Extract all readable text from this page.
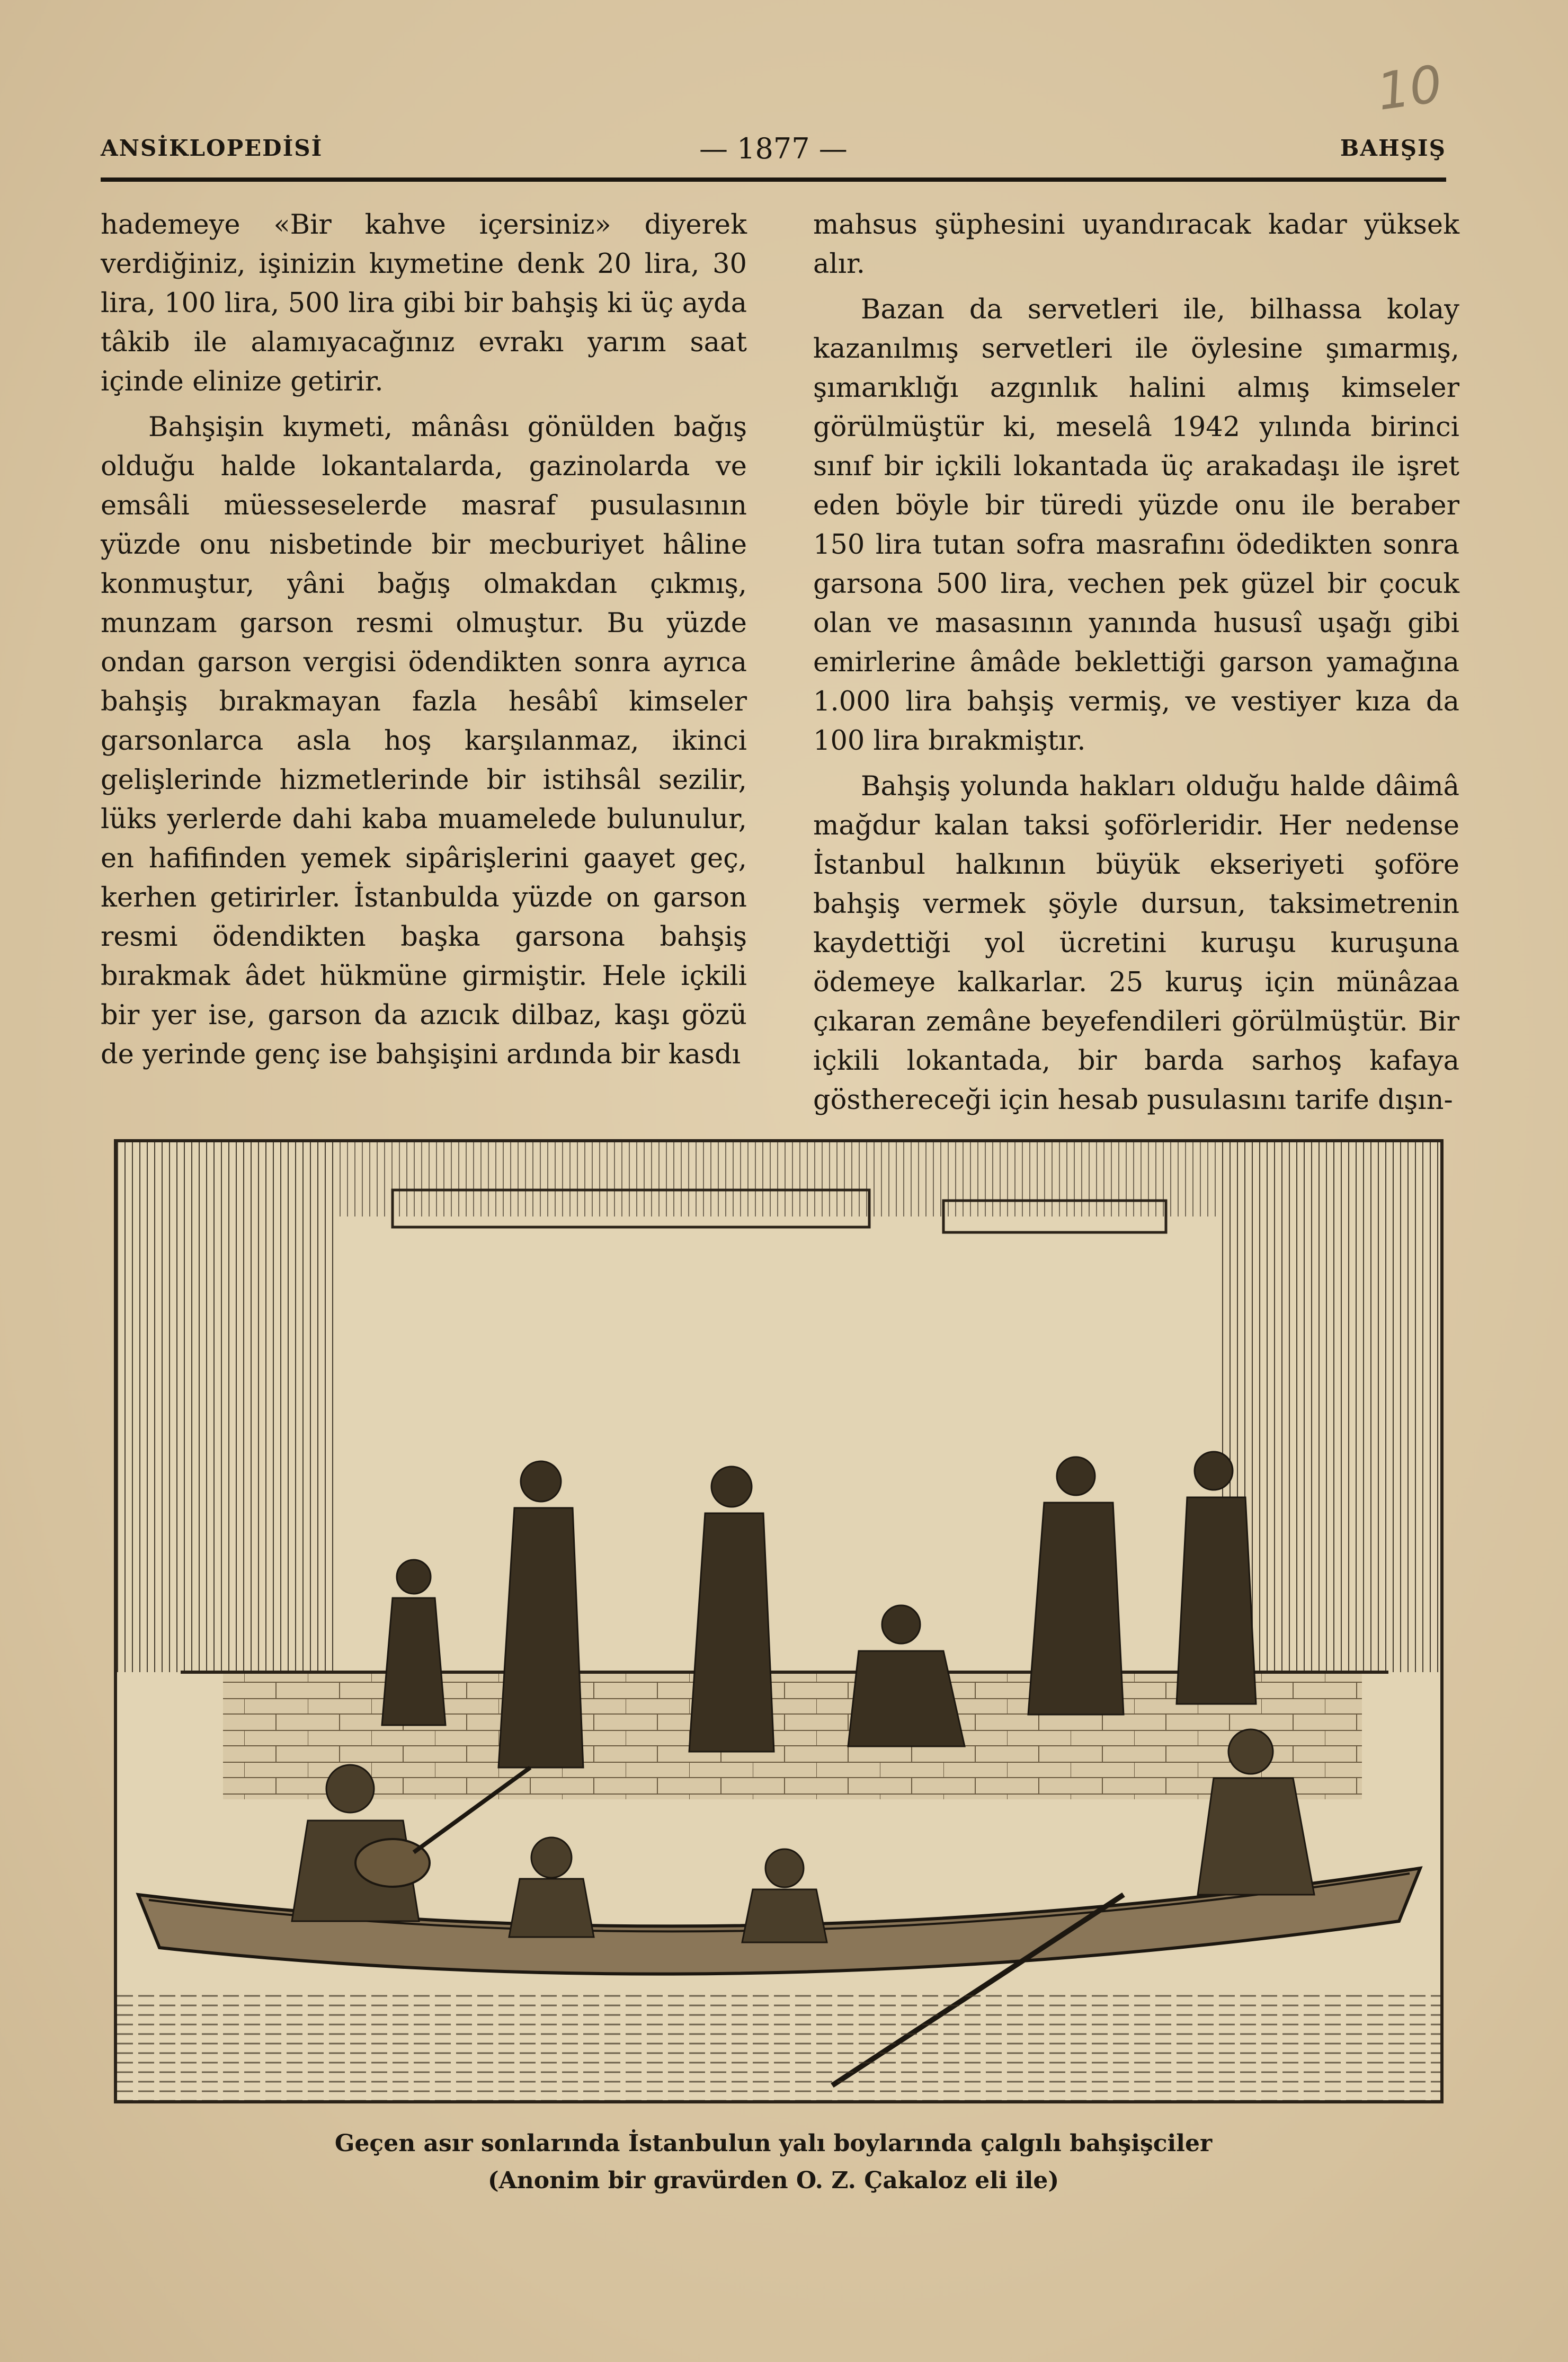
10
ANSİKLOPEDİSİ	— 1877 —	BAHŞIŞ

hademeye «Bir kahve içersiniz» diyerek verdiğiniz, işinizin kıymetine denk 20 lira, 30 lira, 100 lira, 500 lira gibi bir bahşiş ki üç ayda tâkib ile alamıyacağınız evrakı yarım saat içinde elinize getirir.

Bahşişin kıymeti, mânâsı gönülden bağış olduğu halde lokantalarda, gazinolarda ve emsâli müesseselerde masraf pusulasının yüzde onu nisbetinde bir mecburiyet hâline konmuştur, yâni bağış olmakdan çıkmış, munzam garson resmi olmuştur. Bu yüzde ondan garson vergisi ödendikten sonra ayrıca bahşiş bırakmayan fazla hesâbî kimseler garsonlarca asla hoş karşılanmaz, ikinci gelişlerinde hizmetlerinde bir istihsâl sezilir, lüks yerlerde dahi kaba muamelede bulunulur, en hafifinden yemek sipârişlerini gaayet geç, kerhen getirirler. İstanbulda yüzde on garson resmi ödendikten başka garsona bahşiş bırakmak âdet hükmüne girmiştir. Hele içkili bir yer ise, garson da azıcık dilbaz, kaşı gözü de yerinde genç ise bahşişini ardında bir kasdı

mahsus şüphesini uyandıracak kadar yüksek alır.

Bazan da servetleri ile, bilhassa kolay kazanılmış servetleri ile öylesine şımarmış, şımarıklığı azgınlık halini almış kimseler görülmüştür ki, meselâ 1942 yılında birinci sınıf bir içkili lokantada üç arakadaşı ile işret eden böyle bir türedi yüzde onu ile beraber 150 lira tutan sofra masrafını ödedikten sonra garsona 500 lira, vechen pek güzel bir çocuk olan ve masasının yanında hususî uşağı gibi emirlerine âmâde beklettiği garson yamağına 1.000 lira bahşiş vermiş, ve vestiyer kıza da 100 lira bırakmiştır.

Bahşiş yolunda hakları olduğu halde dâimâ mağdur kalan taksi şoförleridir. Her nedense İstanbul halkının büyük ekseriyeti şoföre bahşiş vermek şöyle dursun, taksimetrenin kaydettiği yol ücretini kuruşu kuruşuna ödemeye kalkarlar. 25 kuruş için münâzaa çıkaran zemâne beyefendileri görülmüştür. Bir içkili lokantada, bir barda sarhoş kafaya gösthereceği için hesab pusulasını tarife dışın-

Geçen asır sonlarında İstanbulun yalı boylarında çalgılı bahşişciler
(Anonim bir gravürden O. Z. Çakaloz eli ile)
